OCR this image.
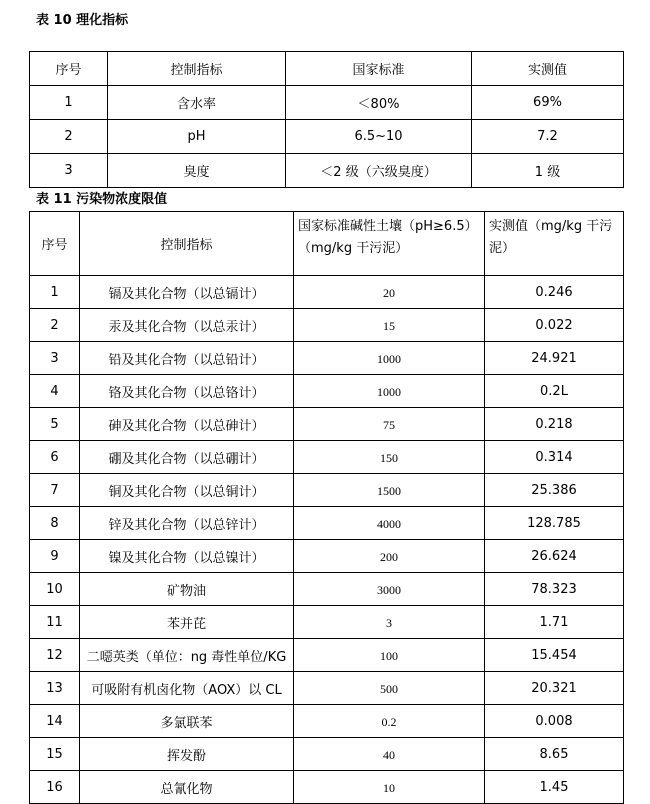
表 10 理化指标
序号	控制指标	国家标准	实测值
1	含水率	＜80%	69%
2	pH	6.5~10	7.2
3	臭度	＜2 级（六级臭度）	1 级
表 11 污染物浓度限值
序号	控制指标	国家标准碱性土壤（pH≥6.5）（mg/kg 干污泥）	实测值（mg/kg 干污泥）
1	镉及其化合物（以总镉计）	20	0.246
2	汞及其化合物（以总汞计）	15	0.022
3	铅及其化合物（以总铅计）	1000	24.921
4	铬及其化合物（以总铬计）	1000	0.2L
5	砷及其化合物（以总砷计）	75	0.218
6	硼及其化合物（以总硼计）	150	0.314
7	铜及其化合物（以总铜计）	1500	25.386
8	锌及其化合物（以总锌计）	4000	128.785
9	镍及其化合物（以总镍计）	200	26.624
10	矿物油	3000	78.323
11	苯并芘	3	1.71
12	二噁英类（单位：ng 毒性单位/KG	100	15.454
13	可吸附有机卤化物（AOX）以 CL	500	20.321
14	多氯联苯	0.2	0.008
15	挥发酚	40	8.65
16	总氰化物	10	1.45
